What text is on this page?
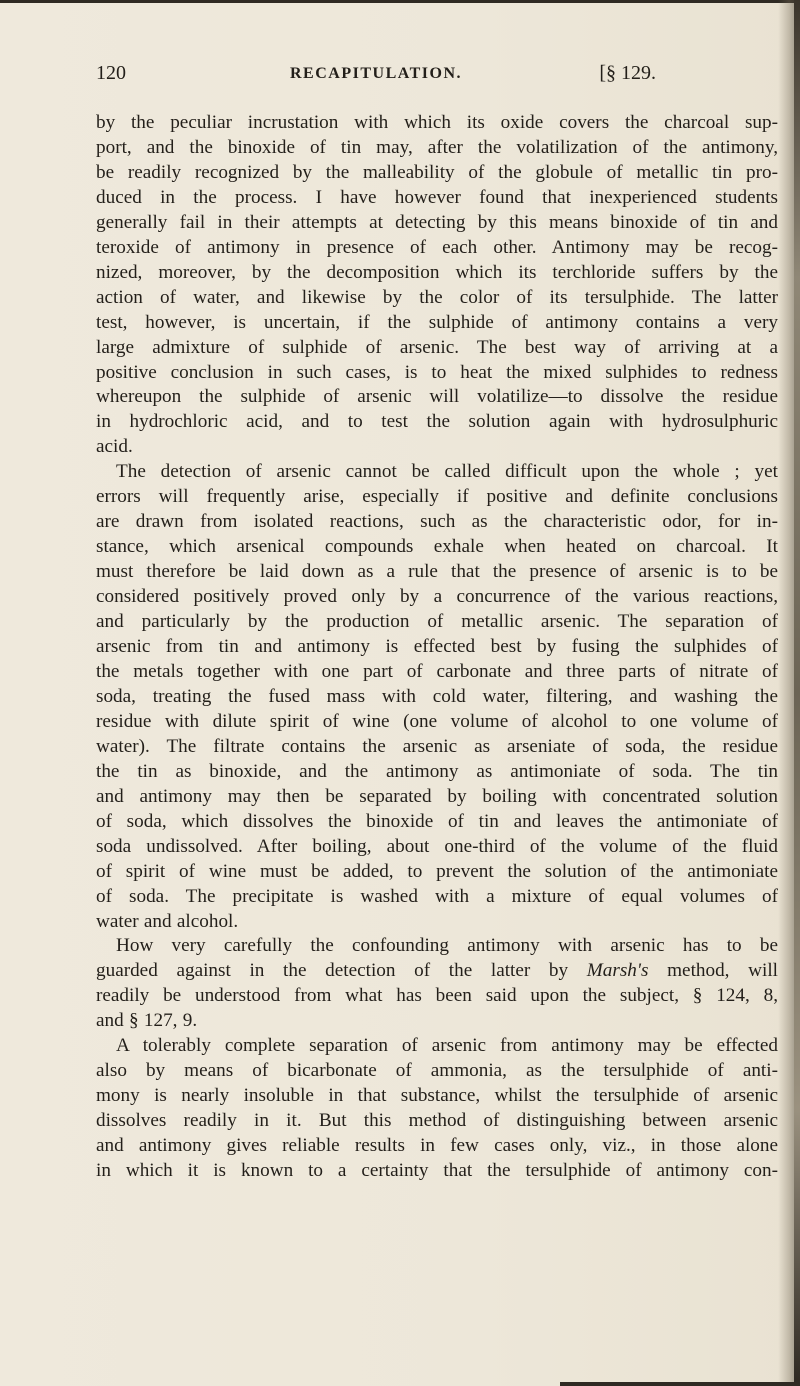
120	RECAPITULATION.	[§ 129.

by the peculiar incrustation with which its oxide covers the charcoal sup-

port, and the binoxide of tin may, after the volatilization of the antimony,

be readily recognized by the malleability of the globule of metallic tin pro-

duced in the process. I have however found that inexperienced students

generally fail in their attempts at detecting by this means binoxide of tin and

teroxide of antimony in presence of each other. Antimony may be recog-

nized, moreover, by the decomposition which its terchloride suffers by the

action of water, and likewise by the color of its tersulphide. The latter

test, however, is uncertain, if the sulphide of antimony contains a very

large admixture of sulphide of arsenic. The best way of arriving at a

positive conclusion in such cases, is to heat the mixed sulphides to redness

whereupon the sulphide of arsenic will volatilize—to dissolve the residue

in hydrochloric acid, and to test the solution again with hydrosulphuric

acid.

The detection of arsenic cannot be called difficult upon the whole ; yet

errors will frequently arise, especially if positive and definite conclusions

are drawn from isolated reactions, such as the characteristic odor, for in-

stance, which arsenical compounds exhale when heated on charcoal. It

must therefore be laid down as a rule that the presence of arsenic is to be

considered positively proved only by a concurrence of the various reactions,

and particularly by the production of metallic arsenic. The separation of

arsenic from tin and antimony is effected best by fusing the sulphides of

the metals together with one part of carbonate and three parts of nitrate of

soda, treating the fused mass with cold water, filtering, and washing the

residue with dilute spirit of wine (one volume of alcohol to one volume of

water). The filtrate contains the arsenic as arseniate of soda, the residue

the tin as binoxide, and the antimony as antimoniate of soda. The tin

and antimony may then be separated by boiling with concentrated solution

of soda, which dissolves the binoxide of tin and leaves the antimoniate of

soda undissolved. After boiling, about one-third of the volume of the fluid

of spirit of wine must be added, to prevent the solution of the antimoniate

of soda. The precipitate is washed with a mixture of equal volumes of

water and alcohol.

How very carefully the confounding antimony with arsenic has to be

guarded against in the detection of the latter by Marsh's method, will

readily be understood from what has been said upon the subject, § 124, 8,

and § 127, 9.

A tolerably complete separation of arsenic from antimony may be effected

also by means of bicarbonate of ammonia, as the tersulphide of anti-

mony is nearly insoluble in that substance, whilst the tersulphide of arsenic

dissolves readily in it. But this method of distinguishing between arsenic

and antimony gives reliable results in few cases only, viz., in those alone

in which it is known to a certainty that the tersulphide of antimony con-
